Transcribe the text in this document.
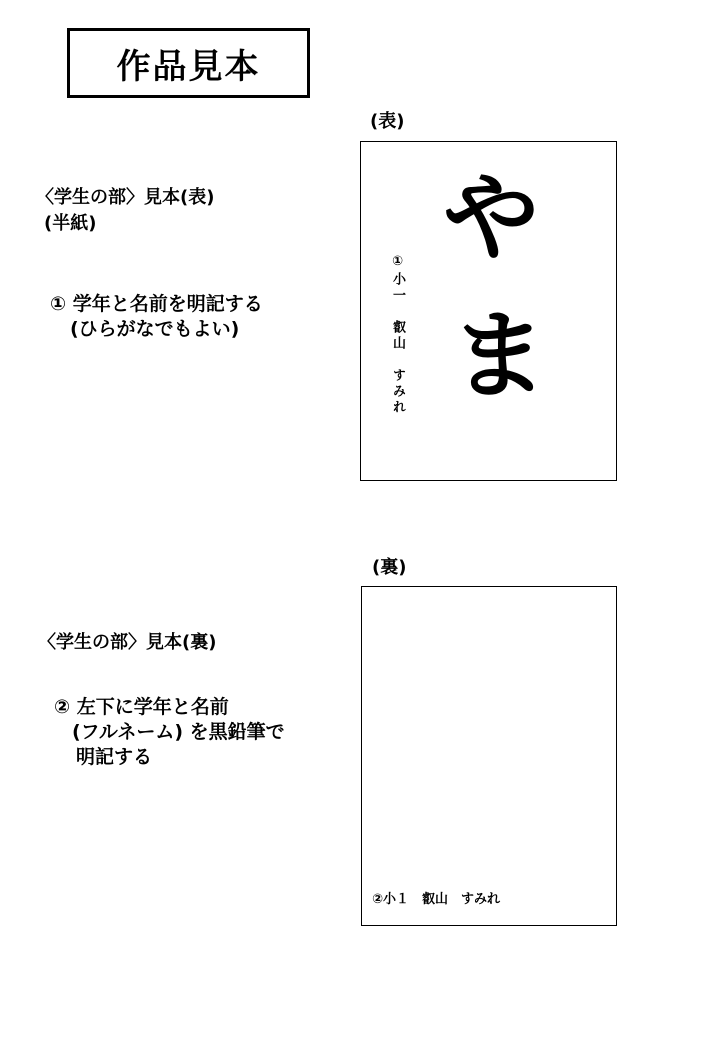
作品見本
(表)
〈学生の部〉見本(表)
(半紙)
① 学年と名前を明記する
(ひらがなでもよい)
や
ま
①小一　叡山　すみれ
(裏)
〈学生の部〉見本(裏)
② 左下に学年と名前
(フルネーム) を黒鉛筆で
明記する
②小１　叡山　すみれ
